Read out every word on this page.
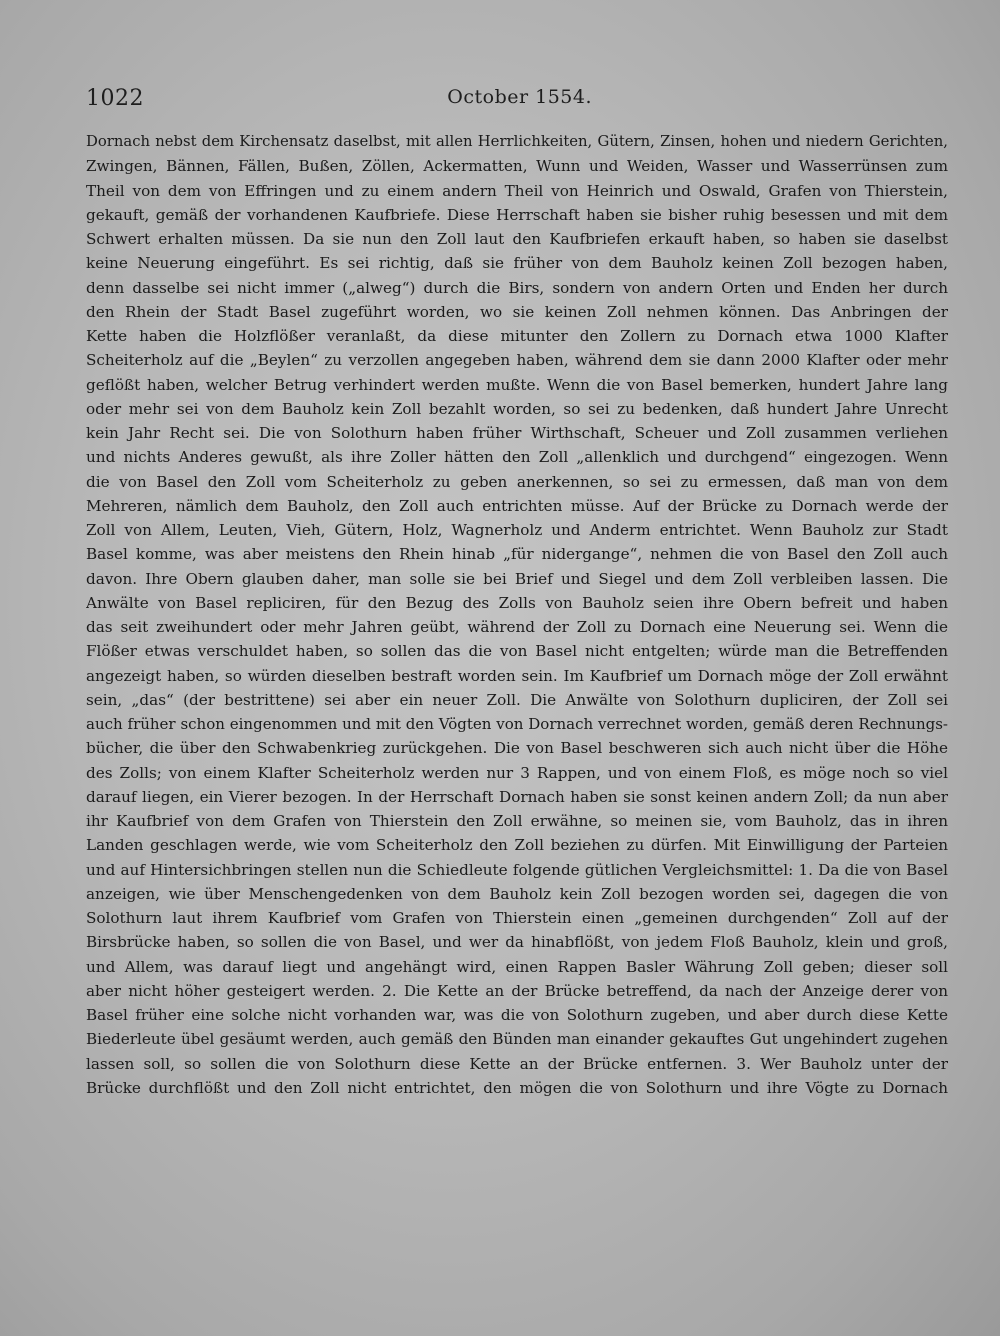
1022	October 1554.
Dornach nebst dem Kirchensatz daselbst, mit allen Herrlichkeiten, Gütern, Zinsen, hohen und niedern Gerichten,
Zwingen, Bännen, Fällen, Bußen, Zöllen, Ackermatten, Wunn und Weiden, Wasser und Wasserrünsen zum
Theil von dem von Effringen und zu einem andern Theil von Heinrich und Oswald, Grafen von Thierstein,
gekauft, gemäß der vorhandenen Kaufbriefe. Diese Herrschaft haben sie bisher ruhig besessen und mit dem
Schwert erhalten müssen. Da sie nun den Zoll laut den Kaufbriefen erkauft haben, so haben sie daselbst
keine Neuerung eingeführt. Es sei richtig, daß sie früher von dem Bauholz keinen Zoll bezogen haben,
denn dasselbe sei nicht immer („alweg“) durch die Birs, sondern von andern Orten und Enden her durch
den Rhein der Stadt Basel zugeführt worden, wo sie keinen Zoll nehmen können. Das Anbringen der
Kette haben die Holzflößer veranlaßt, da diese mitunter den Zollern zu Dornach etwa 1000 Klafter
Scheiterholz auf die „Beylen“ zu verzollen angegeben haben, während dem sie dann 2000 Klafter oder mehr
geflößt haben, welcher Betrug verhindert werden mußte. Wenn die von Basel bemerken, hundert Jahre lang
oder mehr sei von dem Bauholz kein Zoll bezahlt worden, so sei zu bedenken, daß hundert Jahre Unrecht
kein Jahr Recht sei. Die von Solothurn haben früher Wirthschaft, Scheuer und Zoll zusammen verliehen
und nichts Anderes gewußt, als ihre Zoller hätten den Zoll „allenklich und durchgend“ eingezogen. Wenn
die von Basel den Zoll vom Scheiterholz zu geben anerkennen, so sei zu ermessen, daß man von dem
Mehreren, nämlich dem Bauholz, den Zoll auch entrichten müsse. Auf der Brücke zu Dornach werde der
Zoll von Allem, Leuten, Vieh, Gütern, Holz, Wagnerholz und Anderm entrichtet. Wenn Bauholz zur Stadt
Basel komme, was aber meistens den Rhein hinab „für nidergange“, nehmen die von Basel den Zoll auch
davon. Ihre Obern glauben daher, man solle sie bei Brief und Siegel und dem Zoll verbleiben lassen. Die
Anwälte von Basel repliciren, für den Bezug des Zolls von Bauholz seien ihre Obern befreit und haben
das seit zweihundert oder mehr Jahren geübt, während der Zoll zu Dornach eine Neuerung sei. Wenn die
Flößer etwas verschuldet haben, so sollen das die von Basel nicht entgelten; würde man die Betreffenden
angezeigt haben, so würden dieselben bestraft worden sein. Im Kaufbrief um Dornach möge der Zoll erwähnt
sein, „das“ (der bestrittene) sei aber ein neuer Zoll. Die Anwälte von Solothurn dupliciren, der Zoll sei
auch früher schon eingenommen und mit den Vögten von Dornach verrechnet worden, gemäß deren Rechnungs-
bücher, die über den Schwabenkrieg zurückgehen. Die von Basel beschweren sich auch nicht über die Höhe
des Zolls; von einem Klafter Scheiterholz werden nur 3 Rappen, und von einem Floß, es möge noch so viel
darauf liegen, ein Vierer bezogen. In der Herrschaft Dornach haben sie sonst keinen andern Zoll; da nun aber
ihr Kaufbrief von dem Grafen von Thierstein den Zoll erwähne, so meinen sie, vom Bauholz, das in ihren
Landen geschlagen werde, wie vom Scheiterholz den Zoll beziehen zu dürfen. Mit Einwilligung der Parteien
und auf Hintersichbringen stellen nun die Schiedleute folgende gütlichen Vergleichsmittel: 1. Da die von Basel
anzeigen, wie über Menschengedenken von dem Bauholz kein Zoll bezogen worden sei, dagegen die von
Solothurn laut ihrem Kaufbrief vom Grafen von Thierstein einen „gemeinen durchgenden“ Zoll auf der
Birsbrücke haben, so sollen die von Basel, und wer da hinabflößt, von jedem Floß Bauholz, klein und groß,
und Allem, was darauf liegt und angehängt wird, einen Rappen Basler Währung Zoll geben; dieser soll
aber nicht höher gesteigert werden. 2. Die Kette an der Brücke betreffend, da nach der Anzeige derer von
Basel früher eine solche nicht vorhanden war, was die von Solothurn zugeben, und aber durch diese Kette
Biederleute übel gesäumt werden, auch gemäß den Bünden man einander gekauftes Gut ungehindert zugehen
lassen soll, so sollen die von Solothurn diese Kette an der Brücke entfernen. 3. Wer Bauholz unter der
Brücke durchflößt und den Zoll nicht entrichtet, den mögen die von Solothurn und ihre Vögte zu Dornach
